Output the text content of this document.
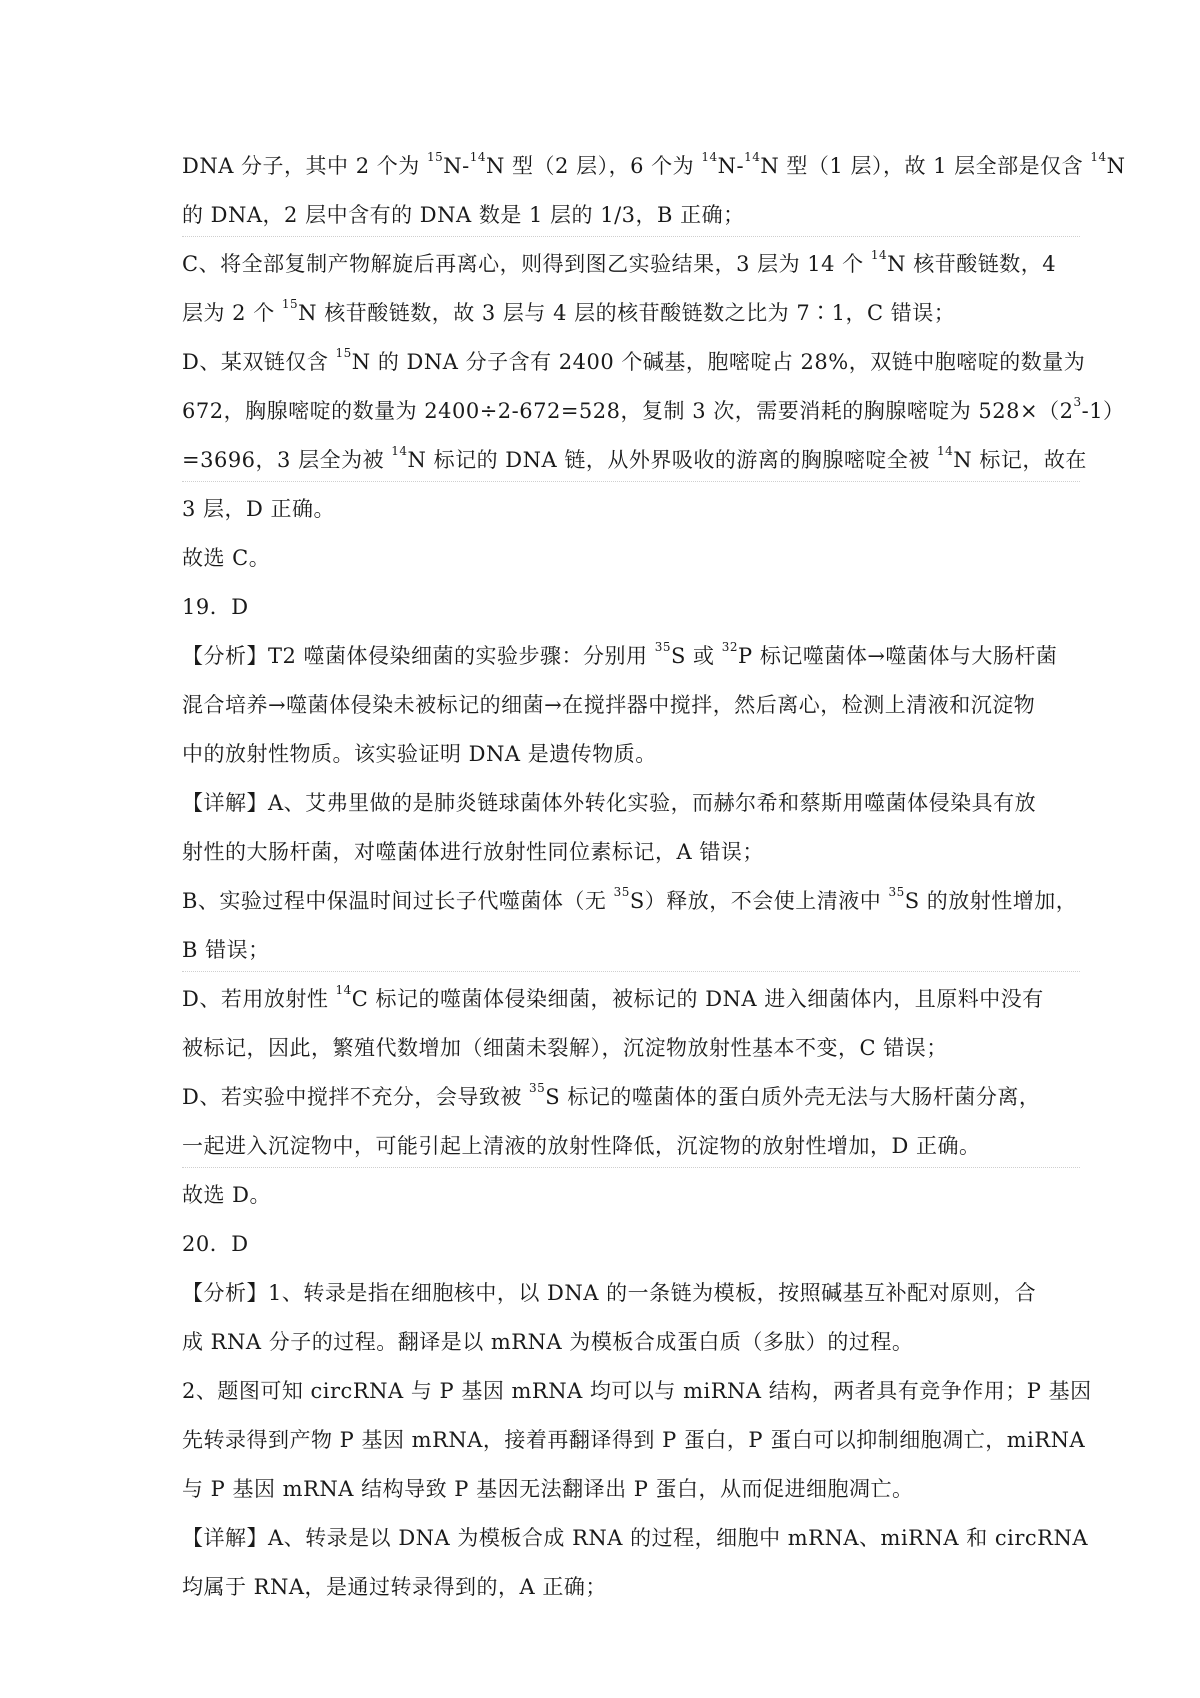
DNA 分子，其中 2 个为 $^{15}$N-$^{14}$N 型（2 层），6 个为 $^{14}$N-$^{14}$N 型（1 层），故 1 层全部是仅含 $^{14}$N
的 DNA，2 层中含有的 DNA 数是 1 层的 1/3，B 正确；
C、将全部复制产物解旋后再离心，则得到图乙实验结果，3 层为 14 个 $^{14}$N 核苷酸链数，4
层为 2 个 $^{15}$N 核苷酸链数，故 3 层与 4 层的核苷酸链数之比为 7∶1，C 错误；
D、某双链仅含 $^{15}$N 的 DNA 分子含有 2400 个碱基，胞嘧啶占 28%，双链中胞嘧啶的数量为
672，胸腺嘧啶的数量为 2400÷2-672=528，复制 3 次，需要消耗的胸腺嘧啶为 $528\times(2^3-1)$
=3696，3 层全为被 $^{14}$N 标记的 DNA 链，从外界吸收的游离的胸腺嘧啶全被 $^{14}$N 标记，故在
3 层，D 正确。
故选 C。
19．D
【分析】T2 噬菌体侵染细菌的实验步骤：分别用 $^{35}$S 或 $^{32}$P 标记噬菌体→噬菌体与大肠杆菌
混合培养→噬菌体侵染未被标记的细菌→在搅拌器中搅拌，然后离心，检测上清液和沉淀物
中的放射性物质。该实验证明 DNA 是遗传物质。
【详解】A、艾弗里做的是肺炎链球菌体外转化实验，而赫尔希和蔡斯用噬菌体侵染具有放
射性的大肠杆菌，对噬菌体进行放射性同位素标记，A 错误；
B、实验过程中保温时间过长子代噬菌体（无 $^{35}$S）释放，不会使上清液中 $^{35}$S 的放射性增加，
B 错误；
D、若用放射性 $^{14}$C 标记的噬菌体侵染细菌，被标记的 DNA 进入细菌体内，且原料中没有
被标记，因此，繁殖代数增加（细菌未裂解），沉淀物放射性基本不变，C 错误；
D、若实验中搅拌不充分，会导致被 $^{35}$S 标记的噬菌体的蛋白质外壳无法与大肠杆菌分离，
一起进入沉淀物中，可能引起上清液的放射性降低，沉淀物的放射性增加，D 正确。
故选 D。
20．D
【分析】1、转录是指在细胞核中，以 DNA 的一条链为模板，按照碱基互补配对原则，合
成 RNA 分子的过程。翻译是以 mRNA 为模板合成蛋白质（多肽）的过程。
2、题图可知 circRNA 与 P 基因 mRNA 均可以与 miRNA 结构，两者具有竞争作用；P 基因
先转录得到产物 P 基因 mRNA，接着再翻译得到 P 蛋白，P 蛋白可以抑制细胞凋亡，miRNA
与 P 基因 mRNA 结构导致 P 基因无法翻译出 P 蛋白，从而促进细胞凋亡。
【详解】A、转录是以 DNA 为模板合成 RNA 的过程，细胞中 mRNA、miRNA 和 circRNA
均属于 RNA，是通过转录得到的，A 正确；
